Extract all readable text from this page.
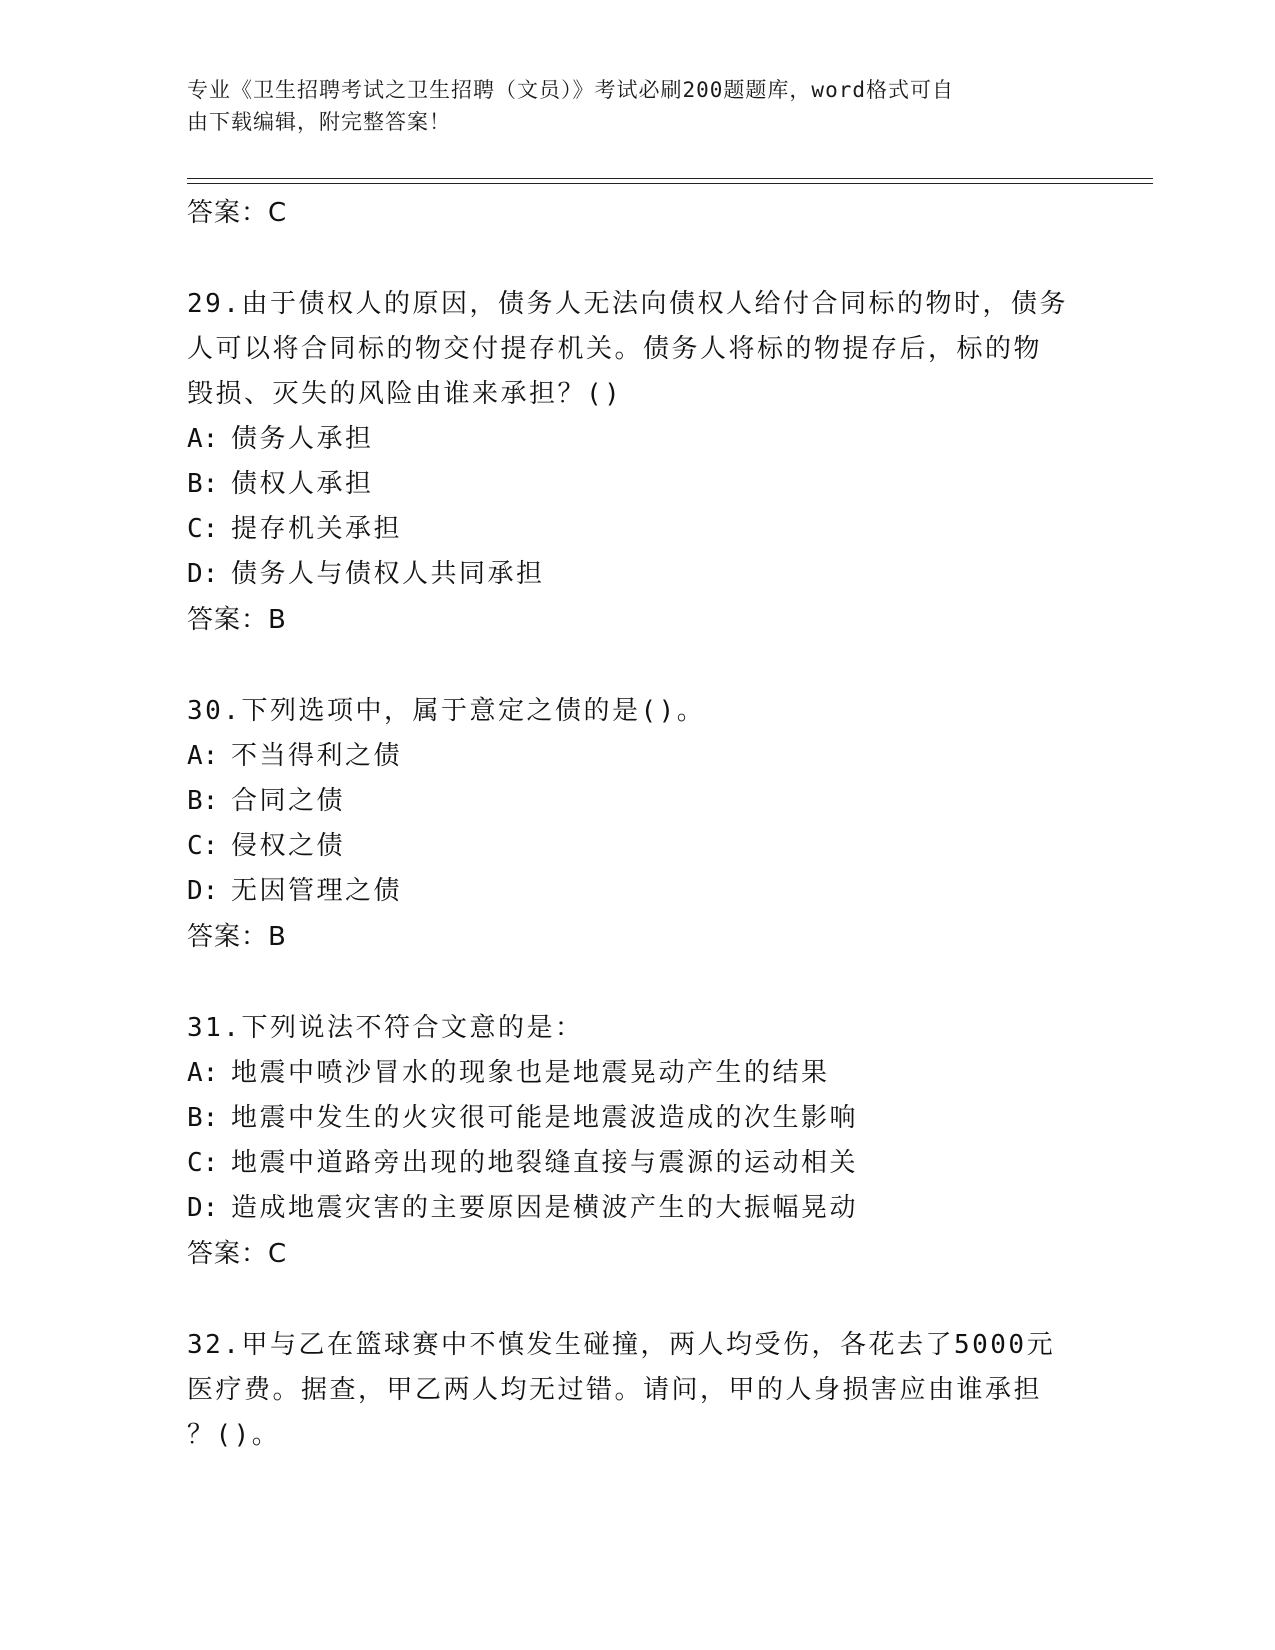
专业《卫生招聘考试之卫生招聘（文员）》考试必刷200题题库，word格式可自
由下载编辑，附完整答案！
答案：C
29.由于债权人的原因，债务人无法向债权人给付合同标的物时，债务
人可以将合同标的物交付提存机关。债务人将标的物提存后，标的物
毁损、灭失的风险由谁来承担？()
A: 债务人承担
B: 债权人承担
C: 提存机关承担
D: 债务人与债权人共同承担
答案：B
30.下列选项中，属于意定之债的是()。
A: 不当得利之债
B: 合同之债
C: 侵权之债
D: 无因管理之债
答案：B
31.下列说法不符合文意的是：
A: 地震中喷沙冒水的现象也是地震晃动产生的结果
B: 地震中发生的火灾很可能是地震波造成的次生影响
C: 地震中道路旁出现的地裂缝直接与震源的运动相关
D: 造成地震灾害的主要原因是横波产生的大振幅晃动
答案：C
32.甲与乙在篮球赛中不慎发生碰撞，两人均受伤，各花去了5000元
医疗费。据查，甲乙两人均无过错。请问，甲的人身损害应由谁承担
？()。
